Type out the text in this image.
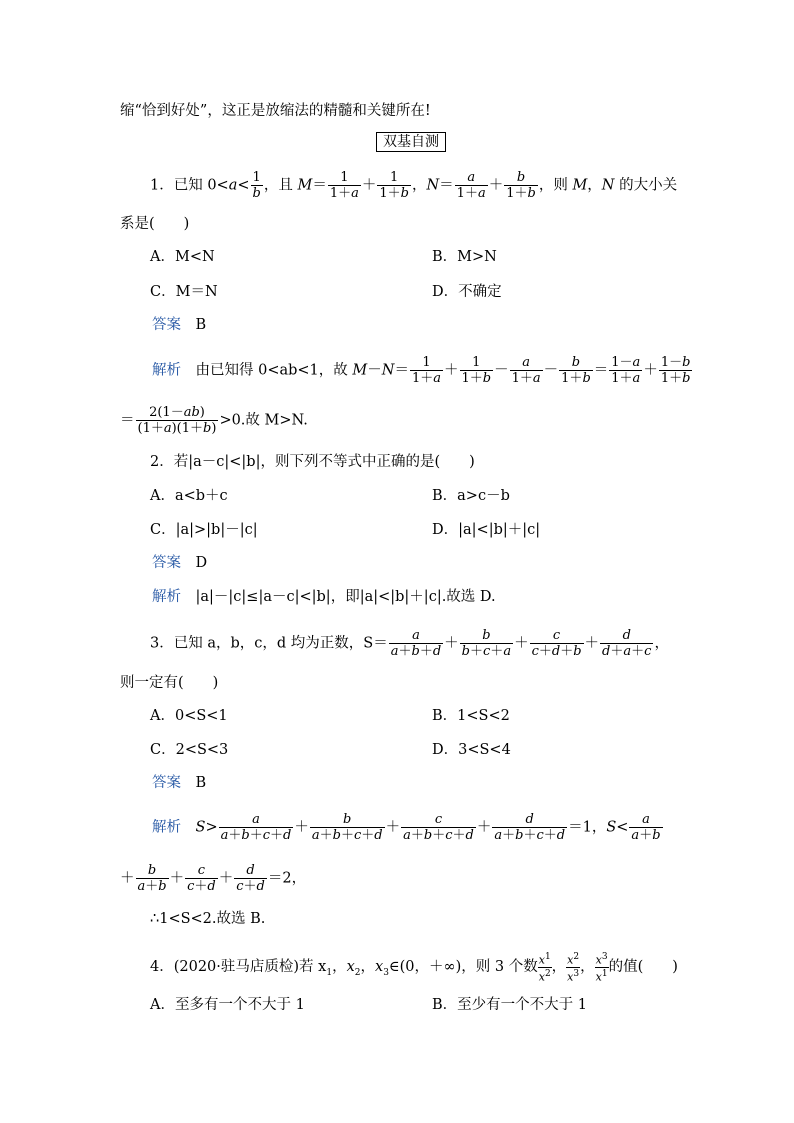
缩“恰到好处”，这正是放缩法的精髓和关键所在!
双基自测
1．已知 $0<a< \frac{1}{b}$ ，且 $M= \frac{1}{1+a} + \frac{1}{1+b}$ ，$N= \frac{a}{1+a} + \frac{b}{1+b}$ ，则 M，N 的大小关
系是(　　)
A．M<N	B．M>N
C．M＝N	D．不确定
答案　 B
解析　 由已知得 0<ab<1，故 $M-N= \frac{1}{1+a} + \frac{1}{1+b} - \frac{a}{1+a} - \frac{b}{1+b} = \frac{1-a}{1+a} + \frac{1-b}{1+b}$
＝ $\frac{2(1-ab)}{(1+a)(1+b)} >0$.故 M>N.
2．若|a－c|<|b|，则下列不等式中正确的是(　　)
A．a<b＋c	B．a>c－b
C．|a|>|b|－|c|	D．|a|<|b|＋|c|
答案　 D
解析　 |a|－|c|≤|a－c|<|b|，即|a|<|b|＋|c|.故选 D.
3．已知 a，b，c，d 均为正数，$S= \frac{a}{a+b+d} + \frac{b}{b+c+a} + \frac{c}{c+d+b} + \frac{d}{d+a+c}$ ，
则一定有(　　)
A．0<S<1	B．1<S<2
C．2<S<3	D．3<S<4
答案　 B
解析　 $S> \frac{a}{a+b+c+d} + \frac{b}{a+b+c+d} + \frac{c}{a+b+c+d} + \frac{d}{a+b+c+d} =1$，$S< \frac{a}{a+b}$
＋ $\frac{b}{a+b} + \frac{c}{c+d} + \frac{d}{c+d} =2$，
∴1<S<2.故选 B.
4．(2020·驻马店质检)若 $x_1$，$x_2$，$x_3\in(0$，＋∞)，则 3 个数 $\frac{x^1}{x^2}$ ， $\frac{x^2}{x^3}$ ， $\frac{x^3}{x^1}$ 的值(　　)
A．至多有一个不大于 1	B．至少有一个不大于 1
